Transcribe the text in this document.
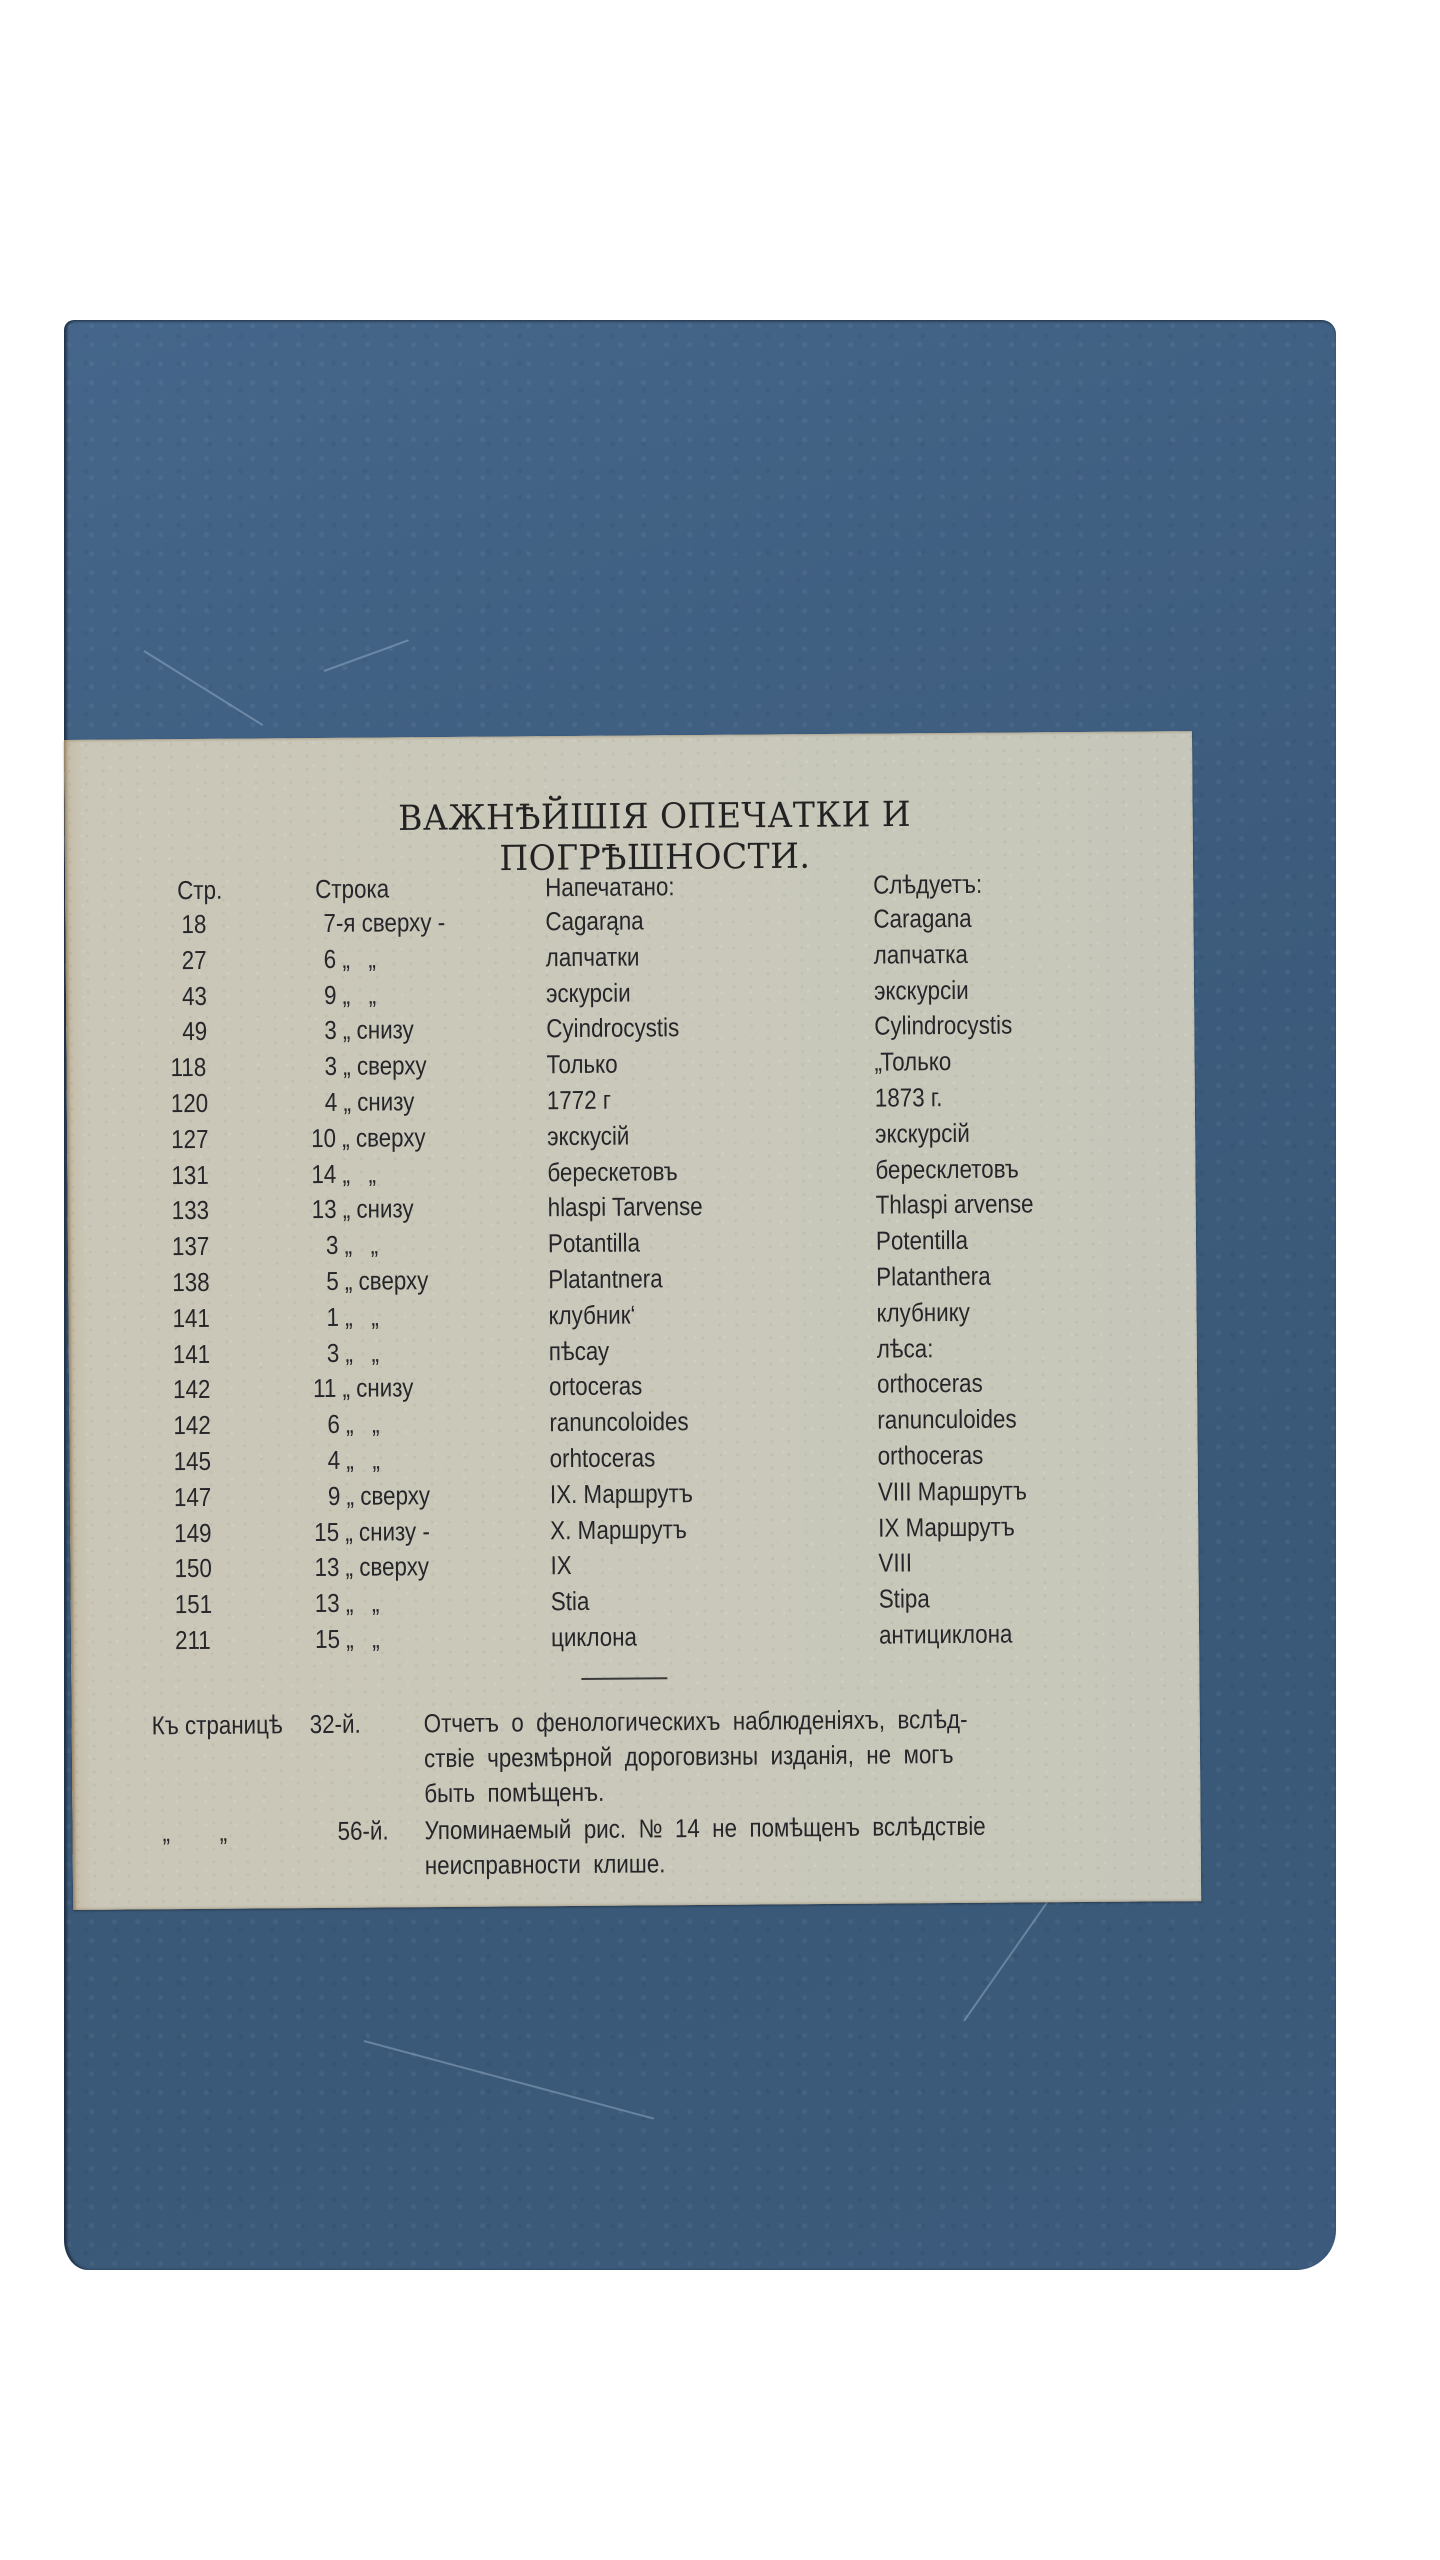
ВАЖНѢЙШІЯ ОПЕЧАТКИ И ПОГРѢШНОСТИ.
Стр.	Строка	Напечатано:	Слѣдуетъ:
18	7-я сверху -	Cagarąna	Caragana
27	6 „   „	лапчатки	лапчатка
43	9 „   „	эскурсіи	экскурсіи
49	3 „ снизу	Cyindrocystis	Cylindrocystis
118	3 „ сверху	Только	„Только
120	4 „ снизу	1772 г	1873 г.
127	10 „ сверху	экскусій	экскурсій
131	14 „   „	берескетовъ	бересклетовъ
133	13 „ снизу	hlaspi Tarvense	Thlaspi arvense
137	3 „   „	Potantilla	Potentilla
138	5 „ сверху	Platantnera	Platanthera
141	1 „   „	клубник‘	клубнику
141	3 „   „	пѣсау	лѣса:
142	11 „ снизу	ortoceras	orthoceras
142	6 „   „	ranuncoloides	ranunculoides
145	4 „   „	orhtoceras	orthoceras
147	9 „ сверху	IX. Маршрутъ	VIII Маршрутъ
149	15 „ снизу -	X. Маршрутъ	IX Маршрутъ
150	13 „ сверху	IX	VIII
151	13 „   „	Stia	Stipa
211	15 „   „	циклона	антициклона
Къ страницѣ 32-й. Отчетъ  о  фенологическихъ  наблюденіяхъ,  вслѣд-
ствіе  чрезмѣрной  дороговизны  изданія,  не  могъ
быть  помѣщенъ.
„        „	56-й. Упоминаемый  рис.  №  14  не  помѣщенъ  вслѣдствіе
неисправности  клише.
